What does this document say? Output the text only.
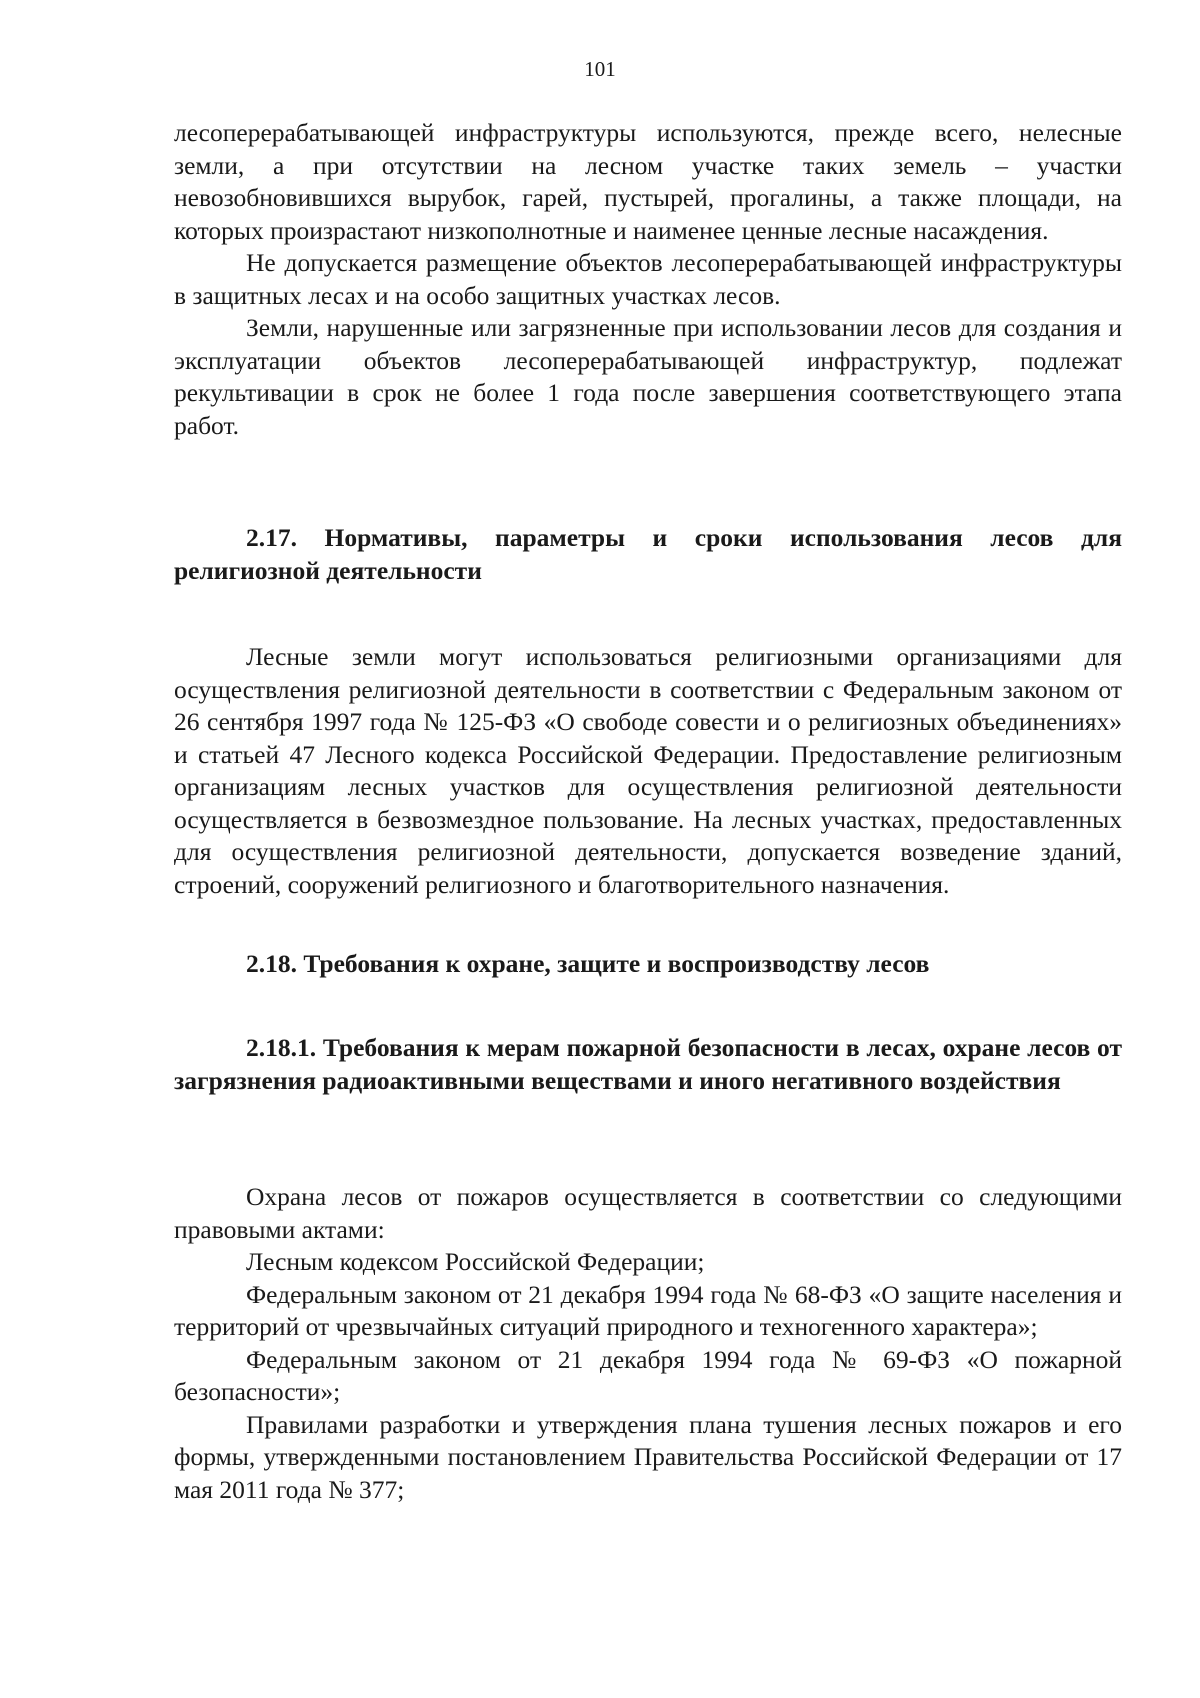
101

лесоперерабатывающей инфраструктуры используются, прежде всего, нелесные земли, а при отсутствии на лесном участке таких земель – участки невозобновившихся вырубок, гарей, пустырей, прогалины, а также площади, на которых произрастают низкополнотные и наименее ценные лесные насаждения.

Не допускается размещение объектов лесоперерабатывающей инфраструктуры в защитных лесах и на особо защитных участках лесов.

Земли, нарушенные или загрязненные при использовании лесов для создания и эксплуатации объектов лесоперерабатывающей инфраструктур, подлежат рекультивации в срок не более 1 года после завершения соответствующего этапа работ.

2.17. Нормативы, параметры и сроки использования лесов для религиозной деятельности

Лесные земли могут использоваться религиозными организациями для осуществления религиозной деятельности в соответствии с Федеральным законом от 26 сентября 1997 года № 125-ФЗ «О свободе совести и о религиозных объединениях» и статьей 47 Лесного кодекса Российской Федерации. Предоставление религиозным организациям лесных участков для осуществления религиозной деятельности осуществляется в безвозмездное пользование. На лесных участках, предоставленных для осуществления религиозной деятельности, допускается возведение зданий, строений, сооружений религиозного и благотворительного назначения.

2.18. Требования к охране, защите и воспроизводству лесов

2.18.1. Требования к мерам пожарной безопасности в лесах, охране лесов от загрязнения радиоактивными веществами и иного негативного воздействия

Охрана лесов от пожаров осуществляется в соответствии со следующими правовыми актами:

Лесным кодексом Российской Федерации;

Федеральным законом от 21 декабря 1994 года № 68-ФЗ «О защите населения и территорий от чрезвычайных ситуаций природного и техногенного характера»;

Федеральным законом от 21 декабря 1994 года № 69-ФЗ «О пожарной безопасности»;

Правилами разработки и утверждения плана тушения лесных пожаров и его формы, утвержденными постановлением Правительства Российской Федерации от 17 мая 2011 года № 377;
